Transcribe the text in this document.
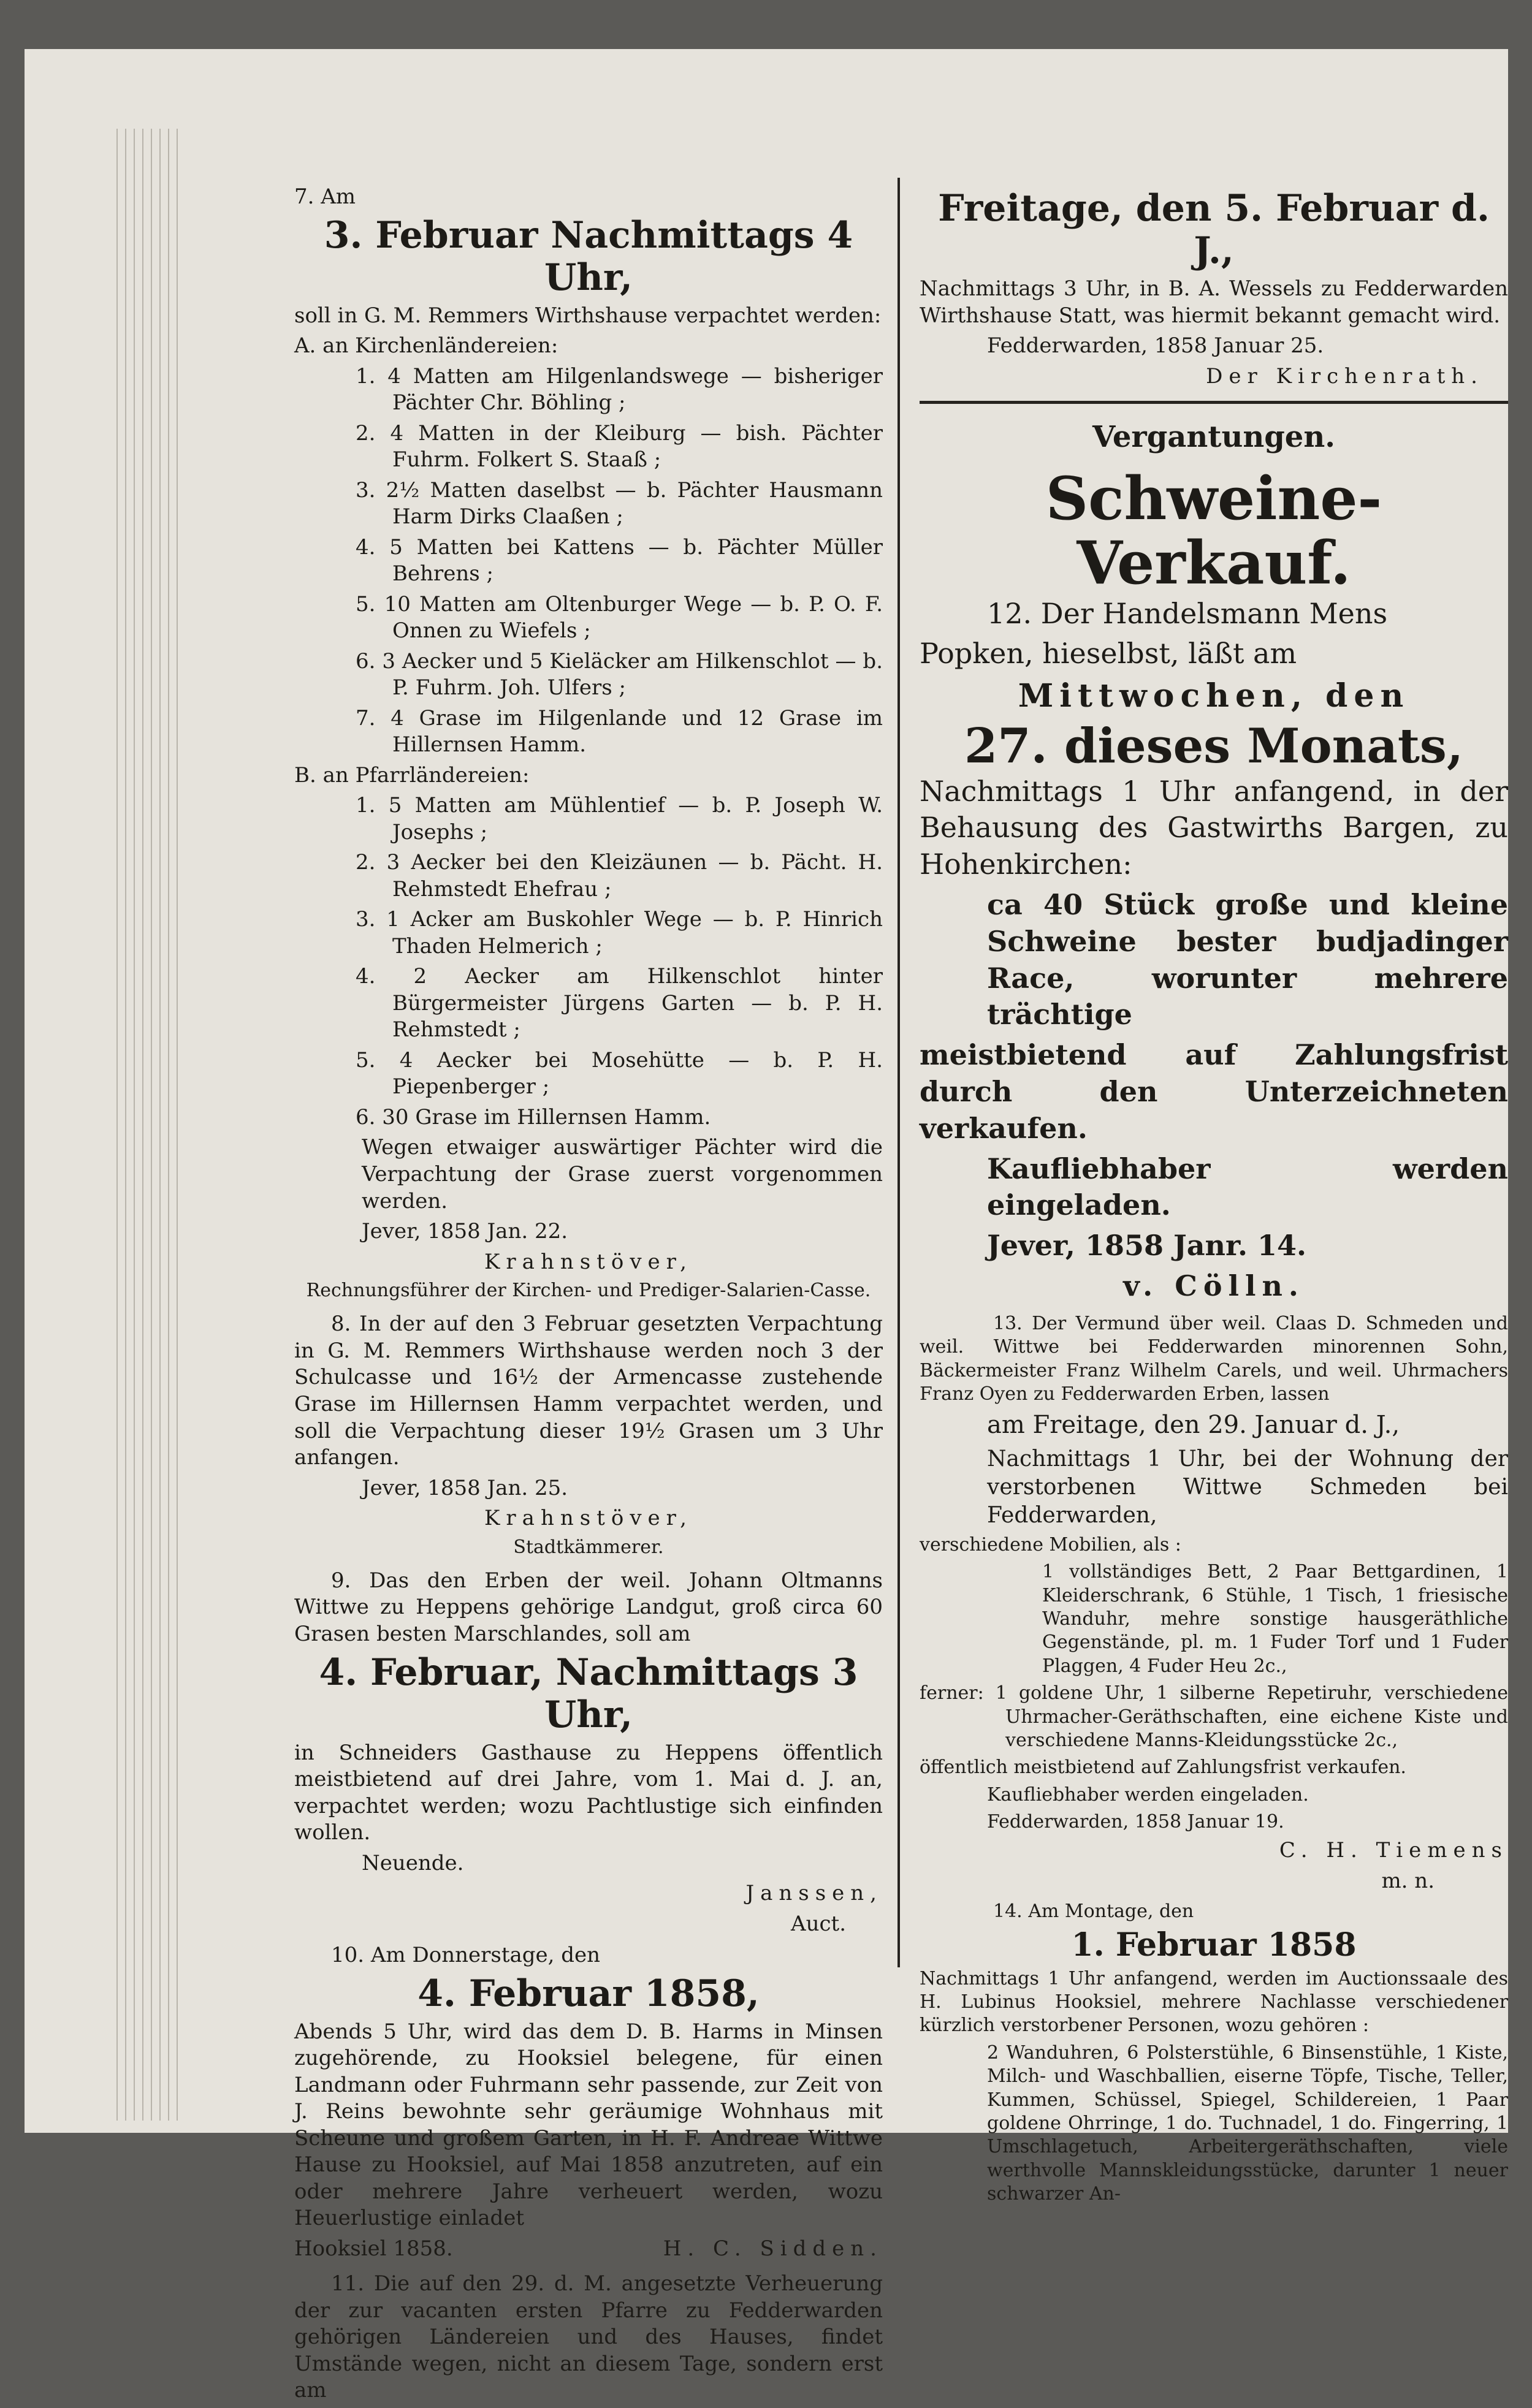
7. Am
3. Februar Nachmittags 4 Uhr,
soll in G. M. Remmers Wirthshause verpachtet werden:
A. an Kirchenländereien:
1. 4 Matten am Hilgenlandswege — bisheriger Pächter Chr. Böhling ;
2. 4 Matten in der Kleiburg — bish. Pächter Fuhrm. Folkert S. Staaß ;
3. 2½ Matten daselbst — b. Pächter Hausmann Harm Dirks Claaßen ;
4. 5 Matten bei Kattens — b. Pächter Müller Behrens ;
5. 10 Matten am Oltenburger Wege — b. P. O. F. Onnen zu Wiefels ;
6. 3 Aecker und 5 Kieläcker am Hilkenschlot — b. P. Fuhrm. Joh. Ulfers ;
7. 4 Grase im Hilgenlande und 12 Grase im Hillernsen Hamm.
B. an Pfarrländereien:
1. 5 Matten am Mühlentief — b. P. Joseph W. Josephs ;
2. 3 Aecker bei den Kleizäunen — b. Pächt. H. Rehmstedt Ehefrau ;
3. 1 Acker am Buskohler Wege — b. P. Hinrich Thaden Helmerich ;
4. 2 Aecker am Hilkenschlot hinter Bürgermeister Jürgens Garten — b. P. H. Rehmstedt ;
5. 4 Aecker bei Mosehütte — b. P. H. Piepenberger ;
6. 30 Grase im Hillernsen Hamm.
Wegen etwaiger auswärtiger Pächter wird die Verpachtung der Grase zuerst vorgenommen werden.
Jever, 1858 Jan. 22.
Krahnstöver,
Rechnungsführer der Kirchen- und Prediger-Salarien-Casse.
8. In der auf den 3 Februar gesetzten Verpachtung in G. M. Remmers Wirthshause werden noch 3 der Schulcasse und 16½ der Armencasse zustehende Grase im Hillernsen Hamm verpachtet werden, und soll die Verpachtung dieser 19½ Grasen um 3 Uhr anfangen.
Jever, 1858 Jan. 25.
Krahnstöver,
Stadtkämmerer.
9. Das den Erben der weil. Johann Oltmanns Wittwe zu Heppens gehörige Landgut, groß circa 60 Grasen besten Marschlandes, soll am
4. Februar, Nachmittags 3 Uhr,
in Schneiders Gasthause zu Heppens öffentlich meistbietend auf drei Jahre, vom 1. Mai d. J. an, verpachtet werden; wozu Pachtlustige sich einfinden wollen.
Neuende.
Janssen,
Auct.
10. Am Donnerstage, den
4. Februar 1858,
Abends 5 Uhr, wird das dem D. B. Harms in Minsen zugehörende, zu Hooksiel belegene, für einen Landmann oder Fuhrmann sehr passende, zur Zeit von J. Reins bewohnte sehr geräumige Wohnhaus mit Scheune und großem Garten, in H. F. Andreae Wittwe Hause zu Hooksiel, auf Mai 1858 anzutreten, auf ein oder mehrere Jahre verheuert werden, wozu Heuerlustige einladet
Hooksiel 1858.	H. C. Sidden.
11. Die auf den 29. d. M. angesetzte Verheuerung der zur vacanten ersten Pfarre zu Fedderwarden gehörigen Ländereien und des Hauses, findet Umstände wegen, nicht an diesem Tage, sondern erst am
Freitage, den 5. Februar d. J.,
Nachmittags 3 Uhr, in B. A. Wessels zu Fedderwarden Wirthshause Statt, was hiermit bekannt gemacht wird.
Fedderwarden, 1858 Januar 25.
Der Kirchenrath.
Vergantungen.
Schweine-Verkauf.
12. Der Handelsmann Mens
Popken, hieselbst, läßt am
Mittwochen, den
27. dieses Monats,
Nachmittags 1 Uhr anfangend, in der Behausung des Gastwirths Bargen, zu Hohenkirchen:
ca 40 Stück große und kleine Schweine bester budjadinger Race, worunter mehrere trächtige
meistbietend auf Zahlungsfrist durch den Unterzeichneten verkaufen.
Kaufliebhaber werden eingeladen.
Jever, 1858 Janr. 14.
v. Cölln.
13. Der Vermund über weil. Claas D. Schmeden und weil. Wittwe bei Fedderwarden minorennen Sohn, Bäckermeister Franz Wilhelm Carels, und weil. Uhrmachers Franz Oyen zu Fedderwarden Erben, lassen
am Freitage, den 29. Januar d. J.,
Nachmittags 1 Uhr, bei der Wohnung der verstorbenen Wittwe Schmeden bei Fedderwarden,
verschiedene Mobilien, als :
1 vollständiges Bett, 2 Paar Bettgardinen, 1 Kleiderschrank, 6 Stühle, 1 Tisch, 1 friesische Wanduhr, mehre sonstige hausgeräthliche Gegenstände, pl. m. 1 Fuder Torf und 1 Fuder Plaggen, 4 Fuder Heu 2c.,
ferner: 1 goldene Uhr, 1 silberne Repetiruhr, verschiedene Uhrmacher-Geräthschaften, eine eichene Kiste und verschiedene Manns-Kleidungsstücke 2c.,
öffentlich meistbietend auf Zahlungsfrist verkaufen.
Kaufliebhaber werden eingeladen.
Fedderwarden, 1858 Januar 19.
C. H. Tiemens
m. n.
14. Am Montage, den
1. Februar 1858
Nachmittags 1 Uhr anfangend, werden im Auctionssaale des H. Lubinus Hooksiel, mehrere Nachlasse verschiedener kürzlich verstorbener Personen, wozu gehören :
2 Wanduhren, 6 Polsterstühle, 6 Binsenstühle, 1 Kiste, Milch- und Waschballien, eiserne Töpfe, Tische, Teller, Kummen, Schüssel, Spiegel, Schildereien, 1 Paar goldene Ohrringe, 1 do. Tuchnadel, 1 do. Fingerring, 1 Umschlagetuch, Arbeitergeräthschaften, viele werthvolle Mannskleidungsstücke, darunter 1 neuer schwarzer An-
